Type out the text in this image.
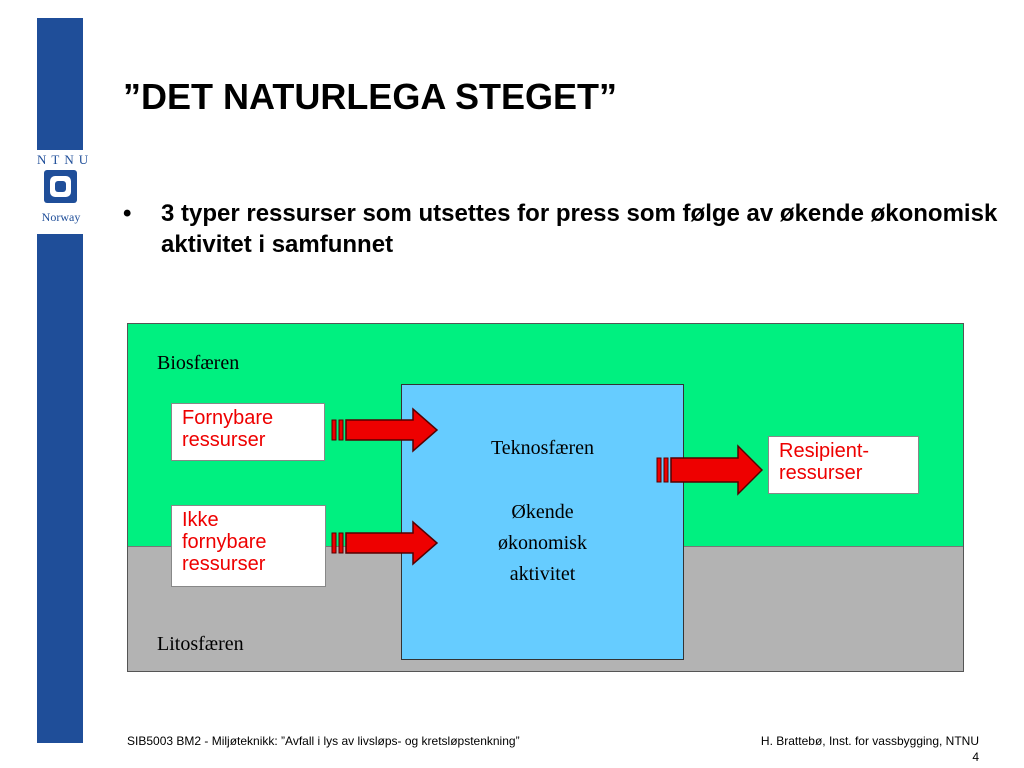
NTNU
Norway
”DET NATURLEGA STEGET”
• 3 typer ressurser som utsettes for press som følge av økende økonomisk aktivitet i samfunnet
Biosfæren
Litosfæren
Teknosfæren
Økende
økonomisk
aktivitet
Fornybare
ressurser
Ikke
fornybare
ressurser
Resipient-
ressurser
SIB5003 BM2 - Miljøteknikk: ”Avfall i lys av livsløps- og kretsløpstenkning”	H. Brattebø, Inst. for vassbygging, NTNU
4
